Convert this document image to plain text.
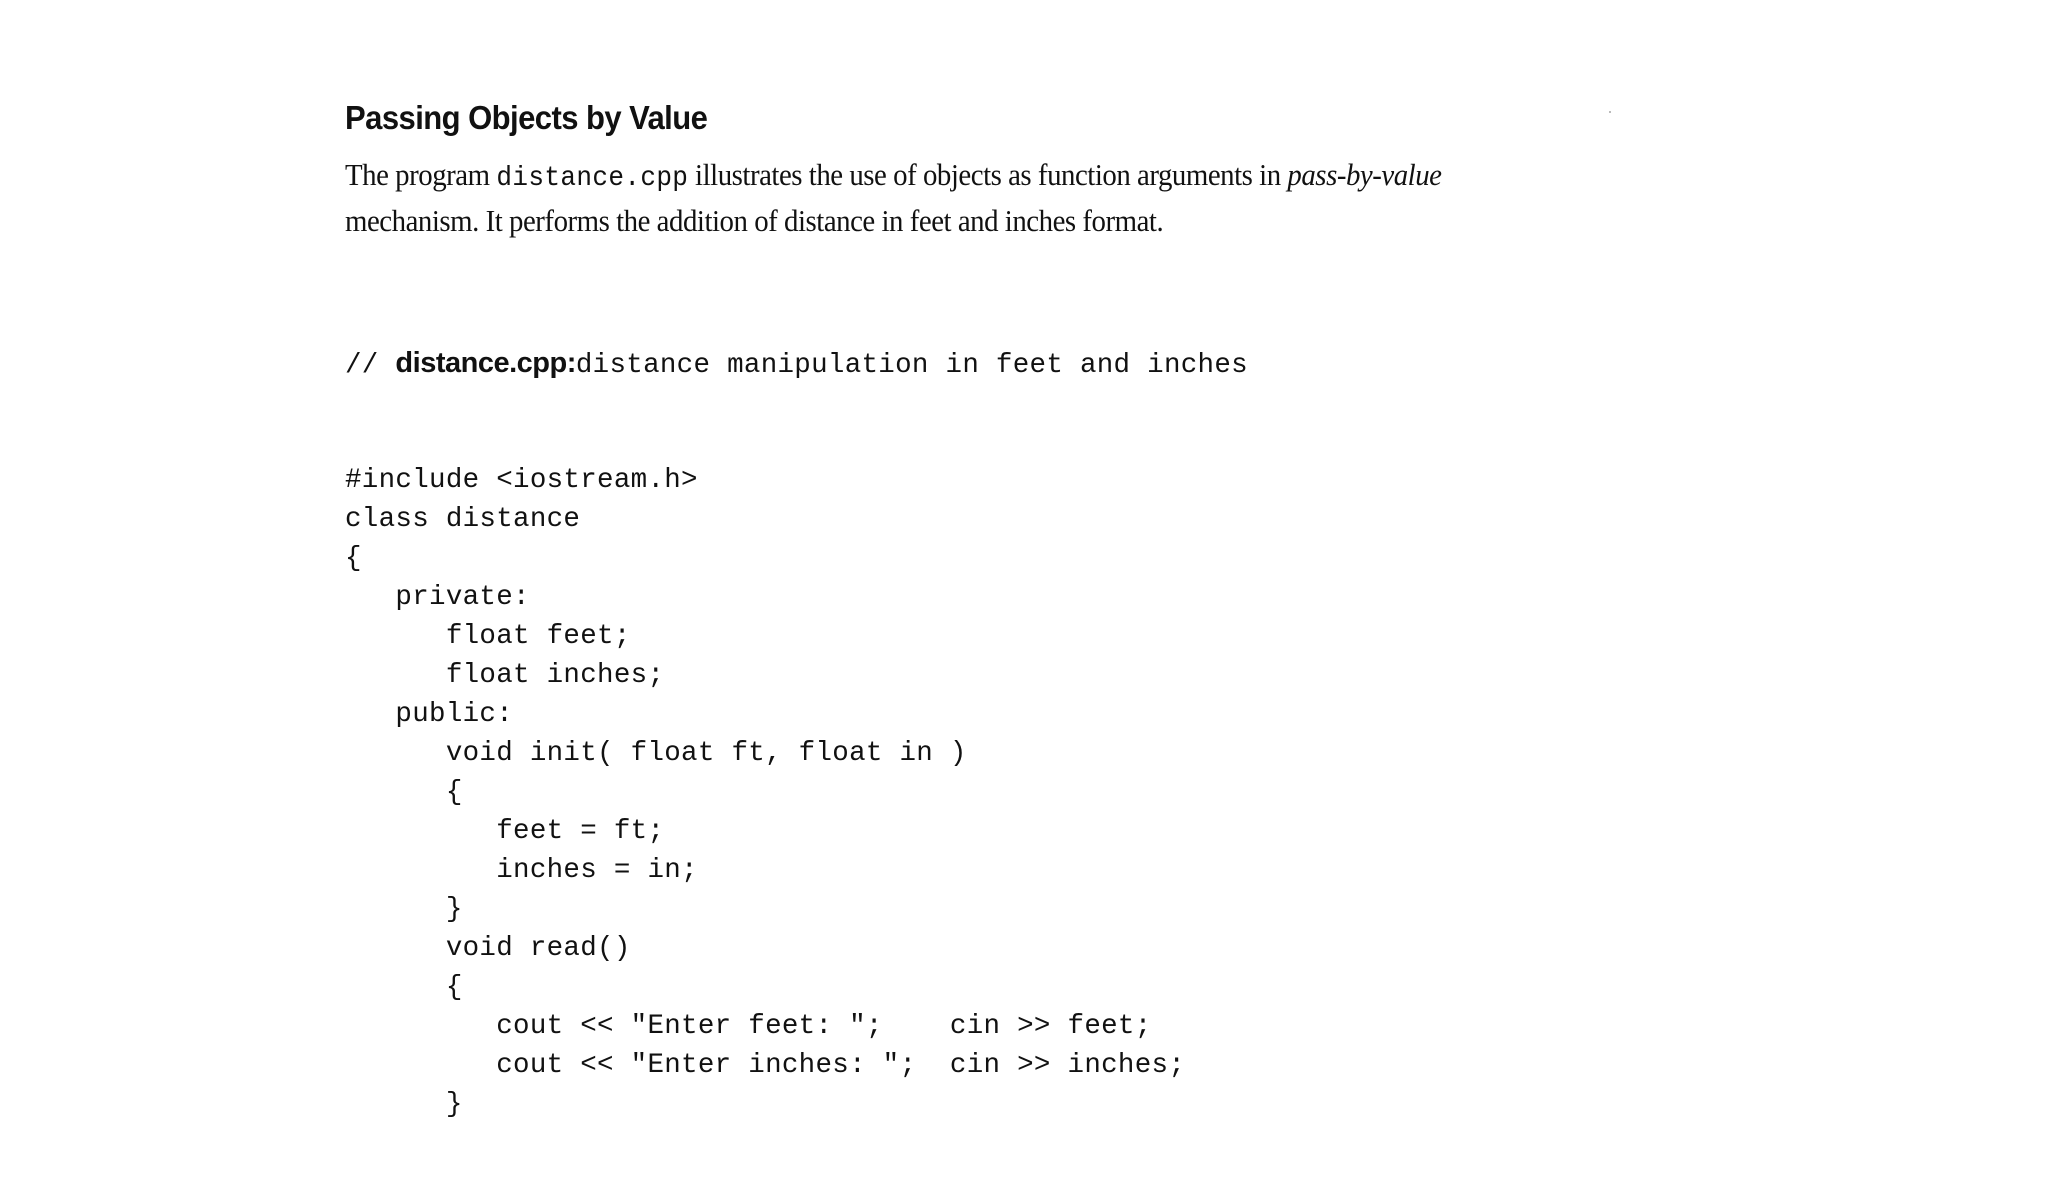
Passing Objects by Value

The program distance.cpp illustrates the use of objects as function arguments in pass-by-value

mechanism. It performs the addition of distance in feet and inches format.

// distance.cpp:distance manipulation in feet and inches

#include <iostream.h>
class distance
{
private:
float feet;
float inches;
public:
void init( float ft, float in )
{
feet = ft;
inches = in;
}
void read()
{
cout << "Enter feet: ";    cin >> feet;
cout << "Enter inches: ";  cin >> inches;
}
